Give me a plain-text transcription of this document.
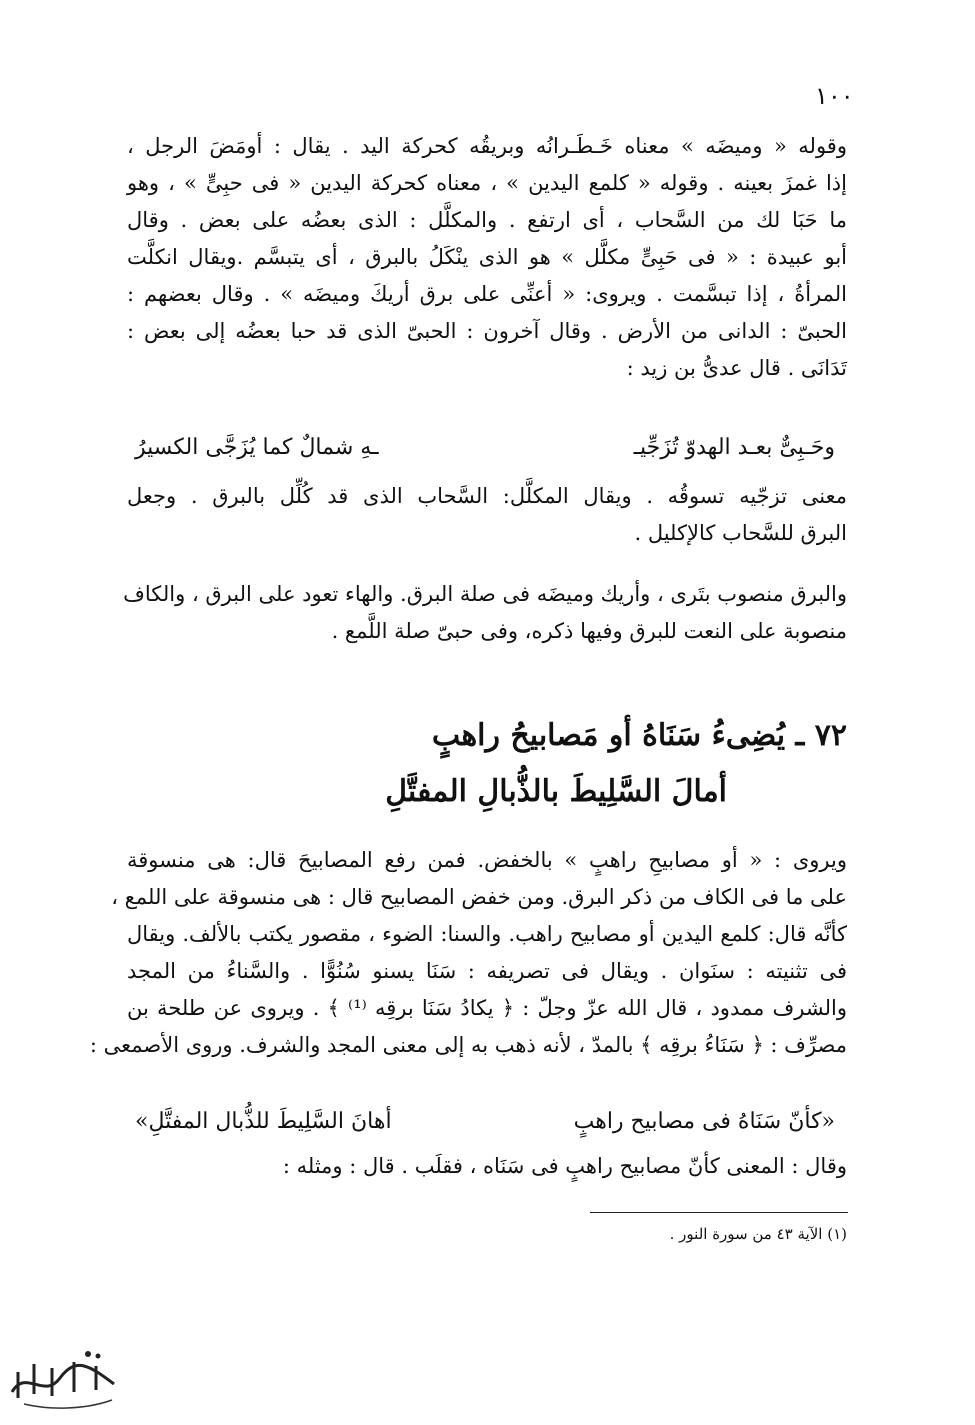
١٠٠
وقوله « وميضَه » معناه خَـطَـرانُه وبريقُه كحركة اليد . يقال : أومَضَ الرجل ،
إذا غمزَ بعينه . وقوله « كلمع اليدين » ، معناه كحركة اليدين « فى حبِىٍّ » ، وهو
ما حَبَا لك من السَّحاب ، أى ارتفع . والمكلَّل : الذى بعضُه على بعض . وقال
أبو عبيدة : « فى حَبِىٍّ مكلَّل » هو الذى ينْكَلُ بالبرق ، أى يتبسَّم .ويقال انكلَّت
المرأةُ ، إذا تبسَّمت . ويروى: « أعنِّى على برق أريكَ وميضَه » . وقال بعضهم :
الحبىّ : الدانى من الأرض . وقال آخرون : الحبىّ الذى قد حبا بعضُه إلى بعض :
تَدَانَى . قال عدىُّ بن زيد :
وحَـبِىٌّ بعـد الهدوّ تُزَجِّيـ
ـهِ شمالٌ كما يُزَجَّى الكسيرُ
معنى تزجّيه تسوقُه . ويقال المكلَّل: السَّحاب الذى قد كُلِّل بالبرق . وجعل
البرق للسَّحاب كالإكليل .
والبرق منصوب بتَرى ، وأريك وميضَه فى صلة البرق. والهاء تعود على البرق ، والكاف
منصوبة على النعت للبرق وفيها ذكره، وفى حبىّ صلة اللَّمع .
٧٢ ـ يُضِىءُ سَنَاهُ أو مَصابيحُ راهبٍ
أمالَ السَّلِيطَ بالذُّبالِ المفتَّلِ
ويروى : « أو مصابيحِ راهبٍ » بالخفض. فمن رفع المصابيحَ قال: هى منسوقة
على ما فى الكاف من ذكر البرق. ومن خفض المصابيح قال : هى منسوقة على اللمع ،
كأنَّه قال: كلمع اليدين أو مصابيح راهب. والسنا: الضوء ، مقصور يكتب بالألف. ويقال
فى تثنيته : سنَوان . ويقال فى تصريفه : سَنَا يسنو سُنُوًّا . والسَّناءُ من المجد
والشرف ممدود ، قال الله عزّ وجلّ : ﴿ يكادُ سَنَا برقِه ⁽¹⁾ ﴾ . ويروى عن طلحة بن
مصرِّف : ﴿ سَنَاءُ برقِه ﴾ بالمدّ ، لأنه ذهب به إلى معنى المجد والشرف. وروى الأصمعى :
«كأنّ سَنَاهُ فى مصابيح راهبٍ
أهانَ السَّلِيطَ للذُّبال المفتَّلِ»
وقال : المعنى كأنّ مصابيح راهبٍ فى سَنَاه ، فقلَب . قال : ومثله :
(١) الآية ٤٣ من سورة النور .
